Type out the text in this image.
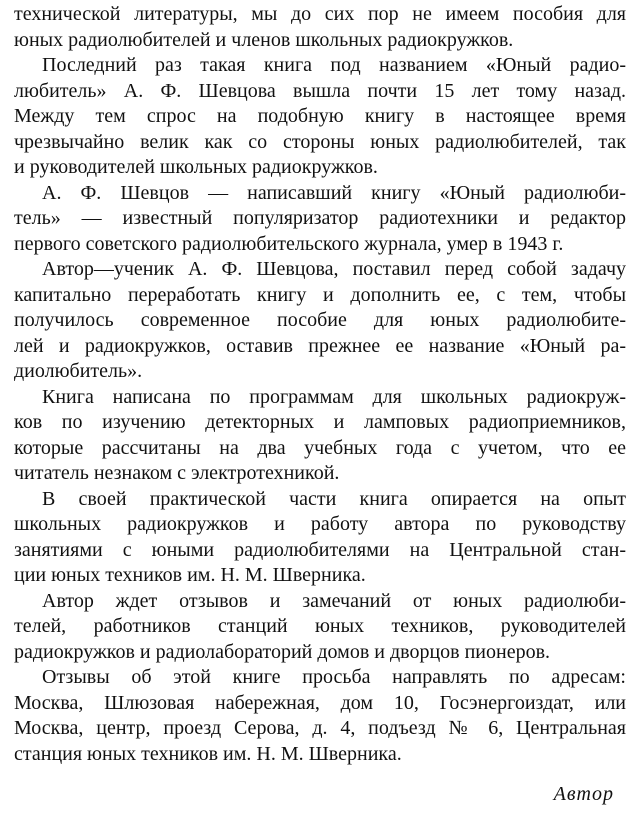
технической литературы, мы до сих пор не имеем пособия для
юных радиолюбителей и членов школьных радиокружков.
Последний раз такая книга под названием «Юный радио-
любитель» А. Ф. Шевцова вышла почти 15 лет тому назад.
Между тем спрос на подобную книгу в настоящее время
чрезвычайно велик как со стороны юных радиолюбителей, так
и руководителей школьных радиокружков.
А. Ф. Шевцов — написавший книгу «Юный радиолюби-
тель» — известный популяризатор радиотехники и редактор
первого советского радиолюбительского журнала, умер в 1943 г.
Автор—ученик А. Ф. Шевцова, поставил перед собой задачу
капитально переработать книгу и дополнить ее, с тем, чтобы
получилось современное пособие для юных радиолюбите-
лей и радиокружков, оставив прежнее ее название «Юный ра-
диолюбитель».
Книга написана по программам для школьных радиокруж-
ков по изучению детекторных и ламповых радиоприемников,
которые рассчитаны на два учебных года с учетом, что ее
читатель незнаком с электротехникой.
В своей практической части книга опирается на опыт
школьных радиокружков и работу автора по руководству
занятиями с юными радиолюбителями на Центральной стан-
ции юных техников им. Н. М. Шверника.
Автор ждет отзывов и замечаний от юных радиолюби-
телей, работников станций юных техников, руководителей
радиокружков и радиолабораторий домов и дворцов пионеров.
Отзывы об этой книге просьба направлять по адресам:
Москва, Шлюзовая набережная, дом 10, Госэнергоиздат, или
Москва, центр, проезд Серова, д. 4, подъезд № 6, Центральная
станция юных техников им. Н. М. Шверника.
Автор
